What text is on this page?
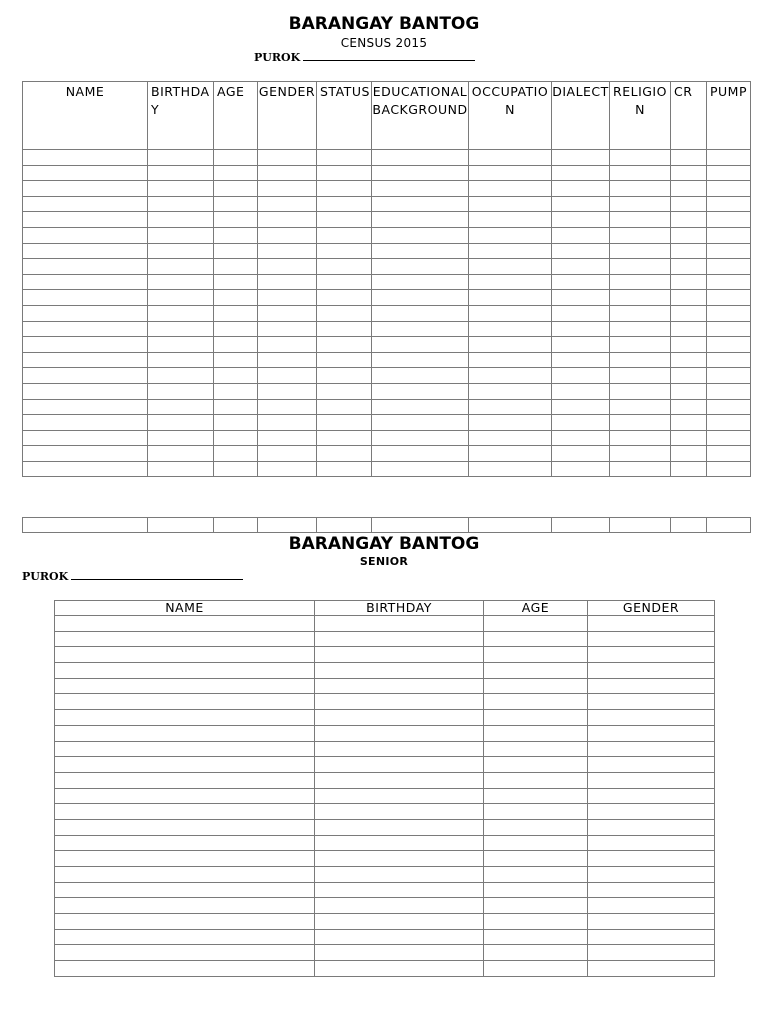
BARANGAY BANTOG
CENSUS 2015
PUROK
NAME	BIRTHDAY	AGE	GENDER	STATUS	EDUCATIONAL BACKGROUND	OCCUPATION	DIALECT	RELIGION	CR	PUMP

BARANGAY BANTOG
SENIOR
PUROK
NAME	BIRTHDAY	AGE	GENDER
